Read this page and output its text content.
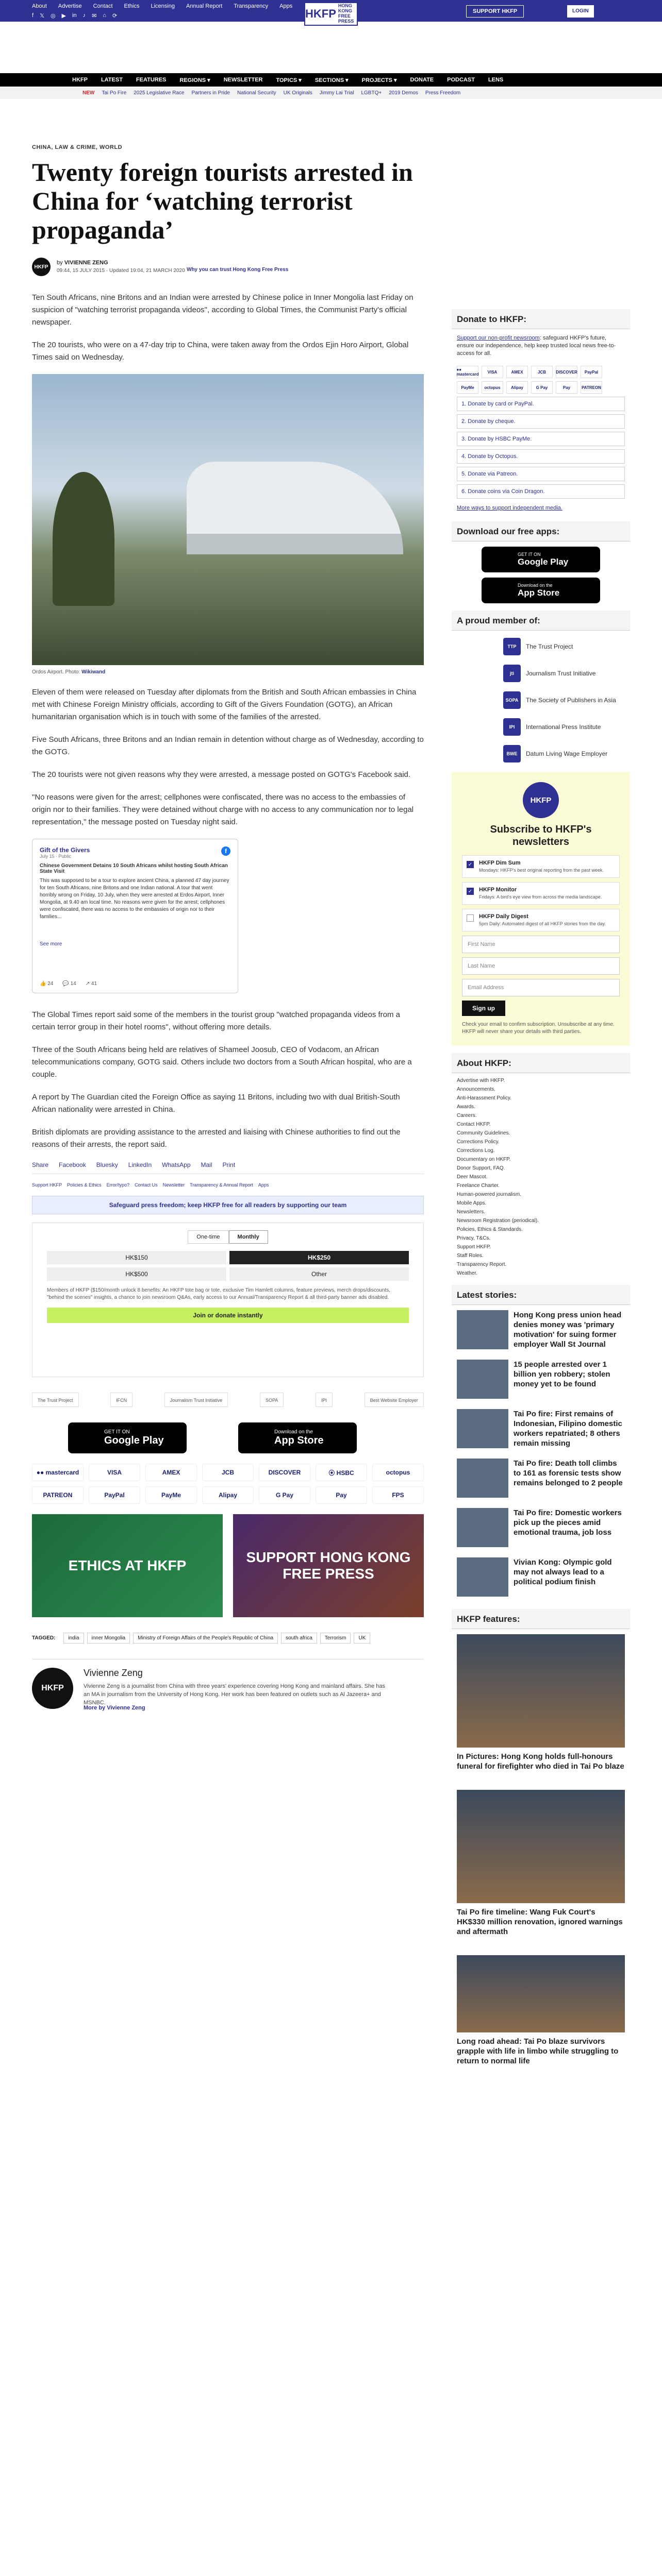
About Advertise Contact Ethics Licensing Annual Report Transparency Apps
f 𝕏 ◎ ▶ in ♪ ✉ ⌂ ⟳	HKFP
HONG KONG FREE PRESS
SUPPORT HKFP	LOGIN
HKFP LATEST FEATURES REGIONS ▾ NEWSLETTER TOPICS ▾ SECTIONS ▾ PROJECTS ▾ DONATE PODCAST LENS
NEW Tai Po Fire 2025 Legislative Race Partners in Pride National Security UK Originals Jimmy Lai Trial LGBTQ+ 2019 Demos Press Freedom
CHINA, LAW & CRIME, WORLD
Twenty foreign tourists arrested in China for ‘watching terrorist propaganda’
HKFP
by VIVIENNE ZENG
09:44, 15 JULY 2015 · Updated 19:04, 21 MARCH 2020 Why you can trust Hong Kong Free Press

Ten South Africans, nine Britons and an Indian were arrested by Chinese police in Inner Mongolia last Friday on suspicion of "watching terrorist propaganda videos", according to Global Times, the Communist Party's official newspaper.

The 20 tourists, who were on a 47-day trip to China, were taken away from the Ordos Ejin Horo Airport, Global Times said on Wednesday.

Ordos Airport. Photo: Wikiwand

Eleven of them were released on Tuesday after diplomats from the British and South African embassies in China met with Chinese Foreign Ministry officials, according to Gift of the Givers Foundation (GOTG), an African humanitarian organisation which is in touch with some of the families of the arrested.

Five South Africans, three Britons and an Indian remain in detention without charge as of Wednesday, according to the GOTG.

The 20 tourists were not given reasons why they were arrested, a message posted on GOTG's Facebook said.

"No reasons were given for the arrest; cellphones were confiscated, there was no access to the embassies of origin nor to their families. They were detained without charge with no access to any communication nor to legal representation," the message posted on Tuesday night said.

f
Gift of the Givers
July 15 · Public
Chinese Government Detains 10 South Africans whilst hosting South African State Visit
This was supposed to be a tour to explore ancient China, a planned 47 day journey for ten South Africans, nine Britons and one Indian national. A tour that went horribly wrong on Friday, 10 July, when they were arrested at Erdos Airport, Inner Mongolia, at 9.40 am local time. No reasons were given for the arrest; cellphones were confiscated, there was no access to the embassies of origin nor to their families...
See more
👍 24 💬 14 ↗ 41

The Global Times report said some of the members in the tourist group "watched propaganda videos from a certain terror group in their hotel rooms", without offering more details.

Three of the South Africans being held are relatives of Shameel Joosub, CEO of Vodacom, an African telecommunications company, GOTG said. Others include two doctors from a South African hospital, who are a couple.

A report by The Guardian cited the Foreign Office as saying 11 Britons, including two with dual British-South African nationality were arrested in China.

British diplomats are providing assistance to the arrested and liaising with Chinese authorities to find out the reasons of their arrests, the report said.

Share Facebook Bluesky LinkedIn WhatsApp Mail Print
Support HKFP Policies & Ethics Error/typo? Contact Us Newsletter Transparency & Annual Report Apps
Safeguard press freedom; keep HKFP free for all readers by supporting our team
One-time	Monthly
HK$150	HK$250
HK$500	Other
Members of HKFP ($150/month unlock 8 benefits: An HKFP tote bag or tote, exclusive Tim Hamlett columns, feature previews, merch drops/discounts, "behind the scenes" insights, a chance to join newsroom Q&As, early access to our Annual/Transparency Report & all third-party banner ads disabled.
Join or donate instantly
The Trust Project	IFCN	Journalism Trust Initiative	SOPA	IPI	Best Website Employer
GET IT ON
Google Play
Download on the
App Store
●● mastercard	VISA	AMEX	JCB	DISCOVER	⦿ HSBC	octopus
PATREON	PayPal	PayMe	Alipay	G Pay	Pay	FPS
ETHICS AT HKFP
SUPPORT HONG KONG FREE PRESS
TAGGED:	india	inner Mongolia	Ministry of Foreign Affairs of the People's Republic of China	south africa	Terrorism	UK
HKFP
Vivienne Zeng
Vivienne Zeng is a journalist from China with three years' experience covering Hong Kong and mainland affairs. She has an MA in journalism from the University of Hong Kong. Her work has been featured on outlets such as Al Jazeera+ and MSNBC.
More by Vivienne Zeng
Donate to HKFP:
Support our non-profit newsroom: safeguard HKFP's future, ensure our independence, help keep trusted local news free-to-access for all.
●● mastercard	VISA	AMEX	JCB	DISCOVER	PayPal
PayMe	octopus	Alipay	G Pay	Pay	PATREON
1. Donate by card or PayPal.
2. Donate by cheque.
3. Donate by HSBC PayMe.
4. Donate by Octopus.
5. Donate via Patreon.
6. Donate coins via Coin Dragon.
More ways to support independent media.
Download our free apps:
GET IT ON
Google Play
Download on the
App Store
A proud member of:
TTP	The Trust Project
jti	Journalism Trust Initiative
SOPA	The Society of Publishers in Asia
IPI	International Press Institute
BWE	Datum Living Wage Employer
HKFP
Subscribe to HKFP's newsletters
✓ HKFP Dim Sum
Mondays: HKFP's best original reporting from the past week.
✓ HKFP Monitor
Fridays: A bird's eye view from across the media landscape.
HKFP Daily Digest
5pm Daily: Automated digest of all HKFP stories from the day.
First Name
Last Name
Email Address
Sign up
Check your email to confirm subscription. Unsubscribe at any time. HKFP will never share your details with third parties.
About HKFP:
Advertise with HKFP.
Announcements.
Anti-Harassment Policy.
Awards.
Careers.
Contact HKFP.
Community Guidelines.
Corrections Policy.
Corrections Log.
Documentary on HKFP.
Donor Support, FAQ.
Deer Mascot.
Freelance Charter.
Human-powered journalism.
Mobile Apps.
Newsletters.
Newsroom Registration (periodical).
Policies, Ethics & Standards.
Privacy, T&Cs.
Support HKFP.
Staff Roles.
Transparency Report.
Weather.
Latest stories:
Hong Kong press union head denies money was 'primary motivation' for suing former employer Wall St Journal
15 people arrested over 1 billion yen robbery; stolen money yet to be found
Tai Po fire: First remains of Indonesian, Filipino domestic workers repatriated; 8 others remain missing
Tai Po fire: Death toll climbs to 161 as forensic tests show remains belonged to 2 people
Tai Po fire: Domestic workers pick up the pieces amid emotional trauma, job loss
Vivian Kong: Olympic gold may not always lead to a political podium finish
HKFP features:
In Pictures: Hong Kong holds full-honours funeral for firefighter who died in Tai Po blaze
Tai Po fire timeline: Wang Fuk Court's HK$330 million renovation, ignored warnings and aftermath
Long road ahead: Tai Po blaze survivors grapple with life in limbo while struggling to return to normal life
